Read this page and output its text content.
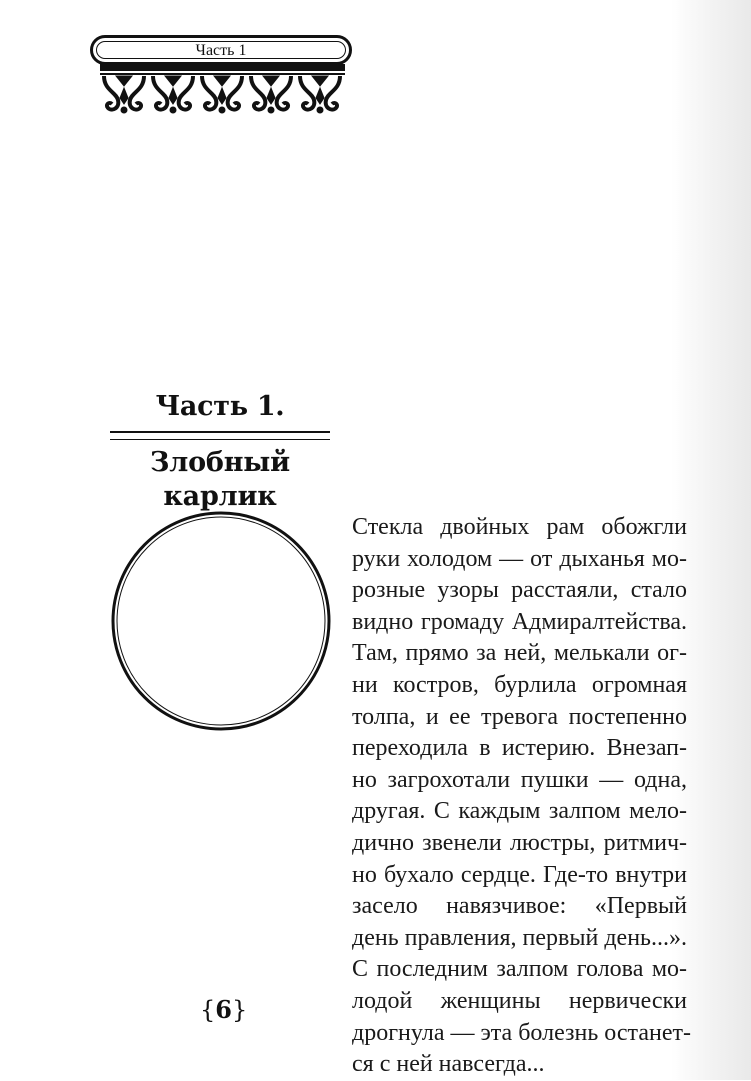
Часть 1
Часть 1.
Злобный
карлик
Стекла двойных рам обожгли
руки холодом — от дыханья мо-
розные узоры расстаяли, стало
видно громаду Адмиралтейства.
Там, прямо за ней, мелькали ог-
ни костров, бурлила огромная
толпа, и ее тревога постепенно
переходила в истерию. Внезап-
но загрохотали пушки — одна,
другая. С каждым залпом мело-
дично звенели люстры, ритмич-
но бухало сердце. Где-то внутри
засело навязчивое: «Первый
день правления, первый день...».
С последним залпом голова мо-
лодой женщины нервически
дрогнула — эта болезнь останет-
ся с ней навсегда...
{6}
